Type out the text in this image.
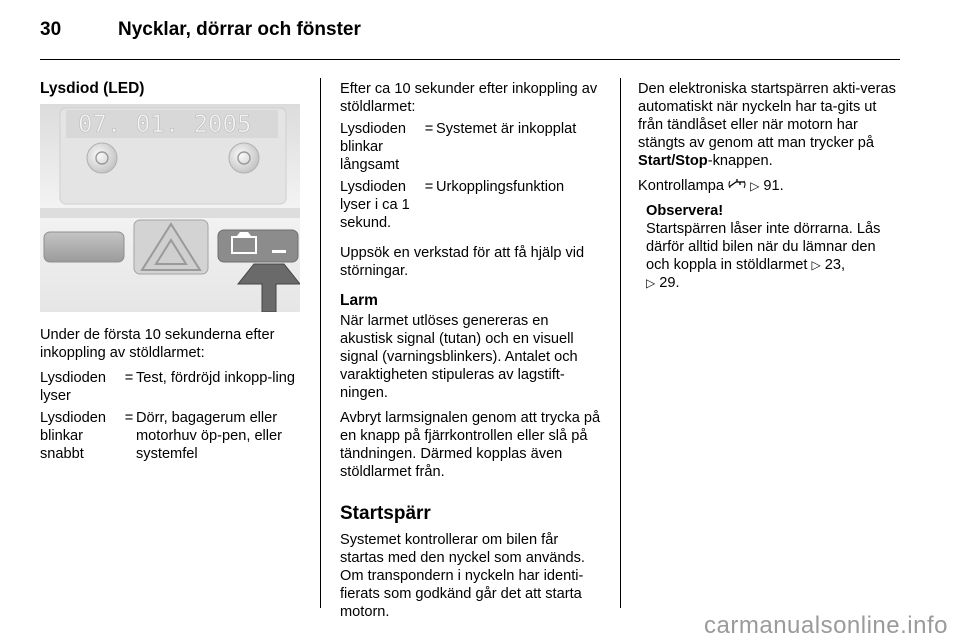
30	Nycklar, dörrar och fönster
Lysdiod (LED)
07. 01. 2005

Under de första 10 sekunderna efter inkoppling av stöldlarmet:

Lysdioden lyser	=	Test, fördröjd inkopp-ling
Lysdioden blinkar snabbt	=	Dörr, bagagerum eller motorhuv öp-pen, eller systemfel

Efter ca 10 sekunder efter inkoppling av stöldlarmet:

Lysdioden blinkar långsamt	=	Systemet är inkopplat
Lysdioden lyser i ca 1 sekund.	=	Urkopplingsfunktion

Uppsök en verkstad för att få hjälp vid störningar.

Larm

När larmet utlöses genereras en akustisk signal (tutan) och en visuell signal (varningsblinkers). Antalet och varaktigheten stipuleras av lagstift-ningen.

Avbryt larmsignalen genom att trycka på en knapp på fjärrkontrollen eller slå på tändningen. Därmed kopplas även stöldlarmet från.

Startspärr

Systemet kontrollerar om bilen får startas med den nyckel som används. Om transpondern i nyckeln har identi-fierats som godkänd går det att starta motorn.

Den elektroniska startspärren akti-veras automatiskt när nyckeln har ta-gits ut från tändlåset eller när motorn har stängts av genom att man trycker på Start/Stop-knappen.

Kontrollampa ▷ 91.

Observera!
Startspärren låser inte dörrarna. Lås därför alltid bilen när du lämnar den och koppla in stöldlarmet ▷ 23,
▷ 29.
carmanualsonline.info
